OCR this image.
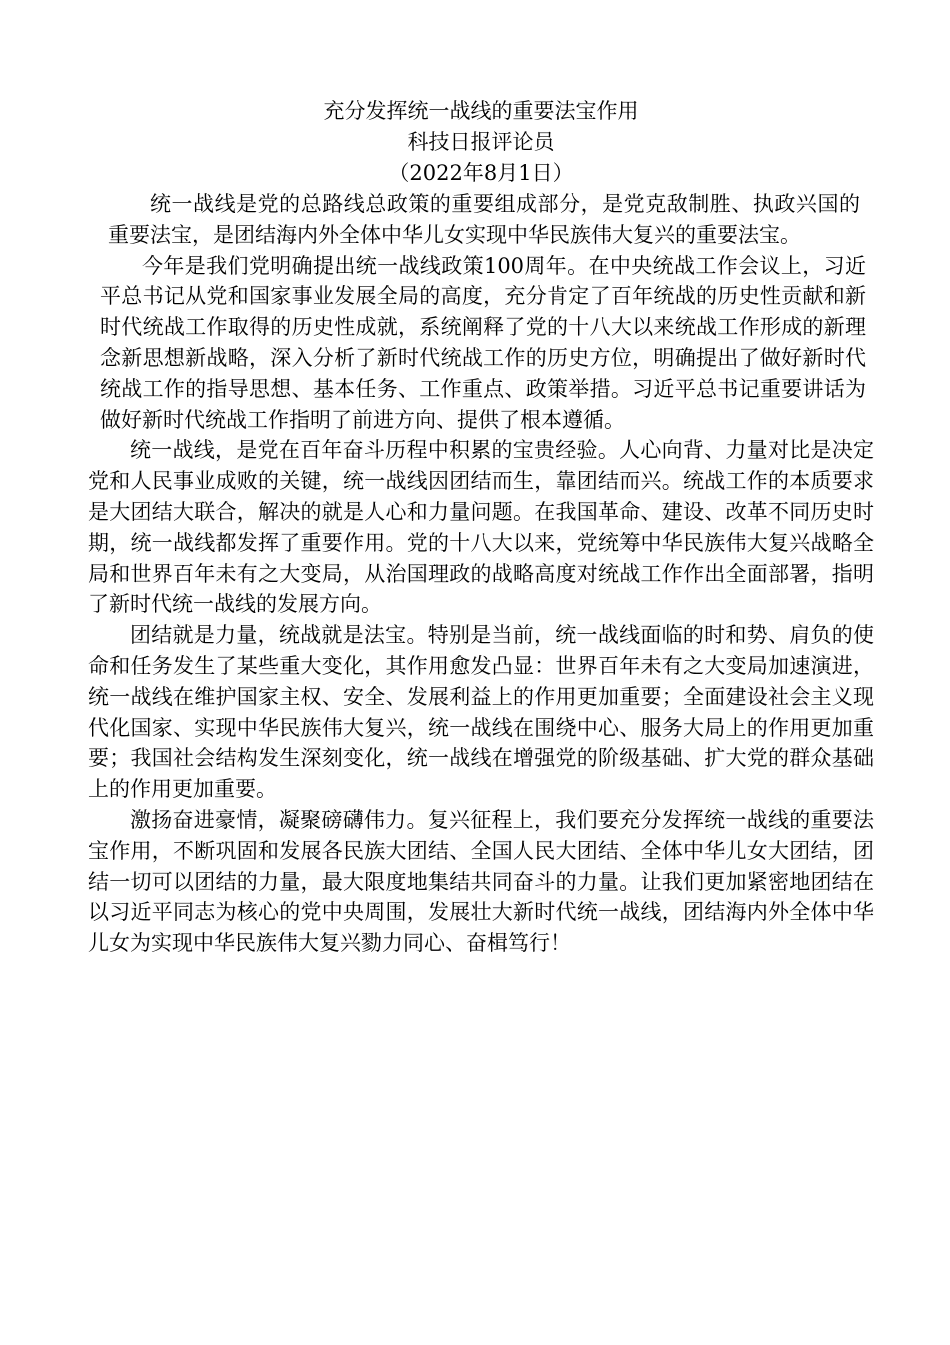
充分发挥统一战线的重要法宝作用

科技日报评论员

（2022年8月1日）

统一战线是党的总路线总政策的重要组成部分，是党克敌制胜、执政兴国的重要法宝，是团结海内外全体中华儿女实现中华民族伟大复兴的重要法宝。

今年是我们党明确提出统一战线政策100周年。在中央统战工作会议上，习近平总书记从党和国家事业发展全局的高度，充分肯定了百年统战的历史性贡献和新时代统战工作取得的历史性成就，系统阐释了党的十八大以来统战工作形成的新理念新思想新战略，深入分析了新时代统战工作的历史方位，明确提出了做好新时代统战工作的指导思想、基本任务、工作重点、政策举措。习近平总书记重要讲话为做好新时代统战工作指明了前进方向、提供了根本遵循。

统一战线，是党在百年奋斗历程中积累的宝贵经验。人心向背、力量对比是决定党和人民事业成败的关键，统一战线因团结而生，靠团结而兴。统战工作的本质要求是大团结大联合，解决的就是人心和力量问题。在我国革命、建设、改革不同历史时期，统一战线都发挥了重要作用。党的十八大以来，党统筹中华民族伟大复兴战略全局和世界百年未有之大变局，从治国理政的战略高度对统战工作作出全面部署，指明了新时代统一战线的发展方向。

团结就是力量，统战就是法宝。特别是当前，统一战线面临的时和势、肩负的使命和任务发生了某些重大变化，其作用愈发凸显：世界百年未有之大变局加速演进，统一战线在维护国家主权、安全、发展利益上的作用更加重要；全面建设社会主义现代化国家、实现中华民族伟大复兴，统一战线在围绕中心、服务大局上的作用更加重要；我国社会结构发生深刻变化，统一战线在增强党的阶级基础、扩大党的群众基础上的作用更加重要。

激扬奋进豪情，凝聚磅礴伟力。复兴征程上，我们要充分发挥统一战线的重要法宝作用，不断巩固和发展各民族大团结、全国人民大团结、全体中华儿女大团结，团结一切可以团结的力量，最大限度地集结共同奋斗的力量。让我们更加紧密地团结在以习近平同志为核心的党中央周围，发展壮大新时代统一战线，团结海内外全体中华儿女为实现中华民族伟大复兴勠力同心、奋楫笃行！
